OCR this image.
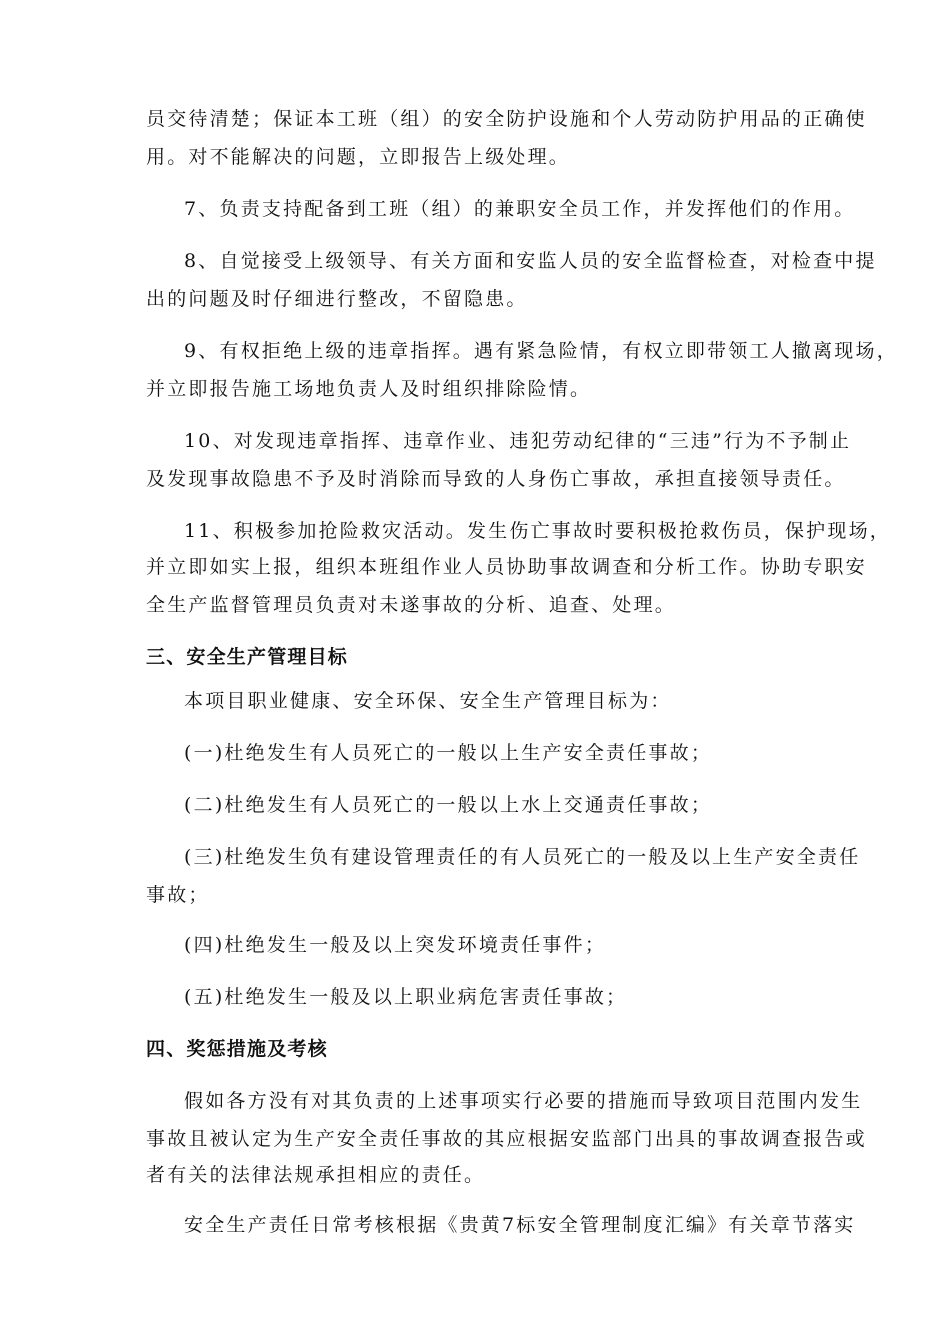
员交待清楚；保证本工班（组）的安全防护设施和个人劳动防护用品的正确使
用。对不能解决的问题，立即报告上级处理。
7、负责支持配备到工班（组）的兼职安全员工作，并发挥他们的作用。
8、自觉接受上级领导、有关方面和安监人员的安全监督检查，对检查中提
出的问题及时仔细进行整改，不留隐患。
9、有权拒绝上级的违章指挥。遇有紧急险情，有权立即带领工人撤离现场，
并立即报告施工场地负责人及时组织排除险情。
10、对发现违章指挥、违章作业、违犯劳动纪律的“三违”行为不予制止
及发现事故隐患不予及时消除而导致的人身伤亡事故，承担直接领导责任。
11、积极参加抢险救灾活动。发生伤亡事故时要积极抢救伤员，保护现场，
并立即如实上报，组织本班组作业人员协助事故调查和分析工作。协助专职安
全生产监督管理员负责对未遂事故的分析、追查、处理。
三、安全生产管理目标
本项目职业健康、安全环保、安全生产管理目标为：
(一)杜绝发生有人员死亡的一般以上生产安全责任事故；
(二)杜绝发生有人员死亡的一般以上水上交通责任事故；
(三)杜绝发生负有建设管理责任的有人员死亡的一般及以上生产安全责任
事故；
(四)杜绝发生一般及以上突发环境责任事件；
(五)杜绝发生一般及以上职业病危害责任事故；
四、奖惩措施及考核
假如各方没有对其负责的上述事项实行必要的措施而导致项目范围内发生
事故且被认定为生产安全责任事故的其应根据安监部门出具的事故调查报告或
者有关的法律法规承担相应的责任。
安全生产责任日常考核根据《贵黄7标安全管理制度汇编》有关章节落实
